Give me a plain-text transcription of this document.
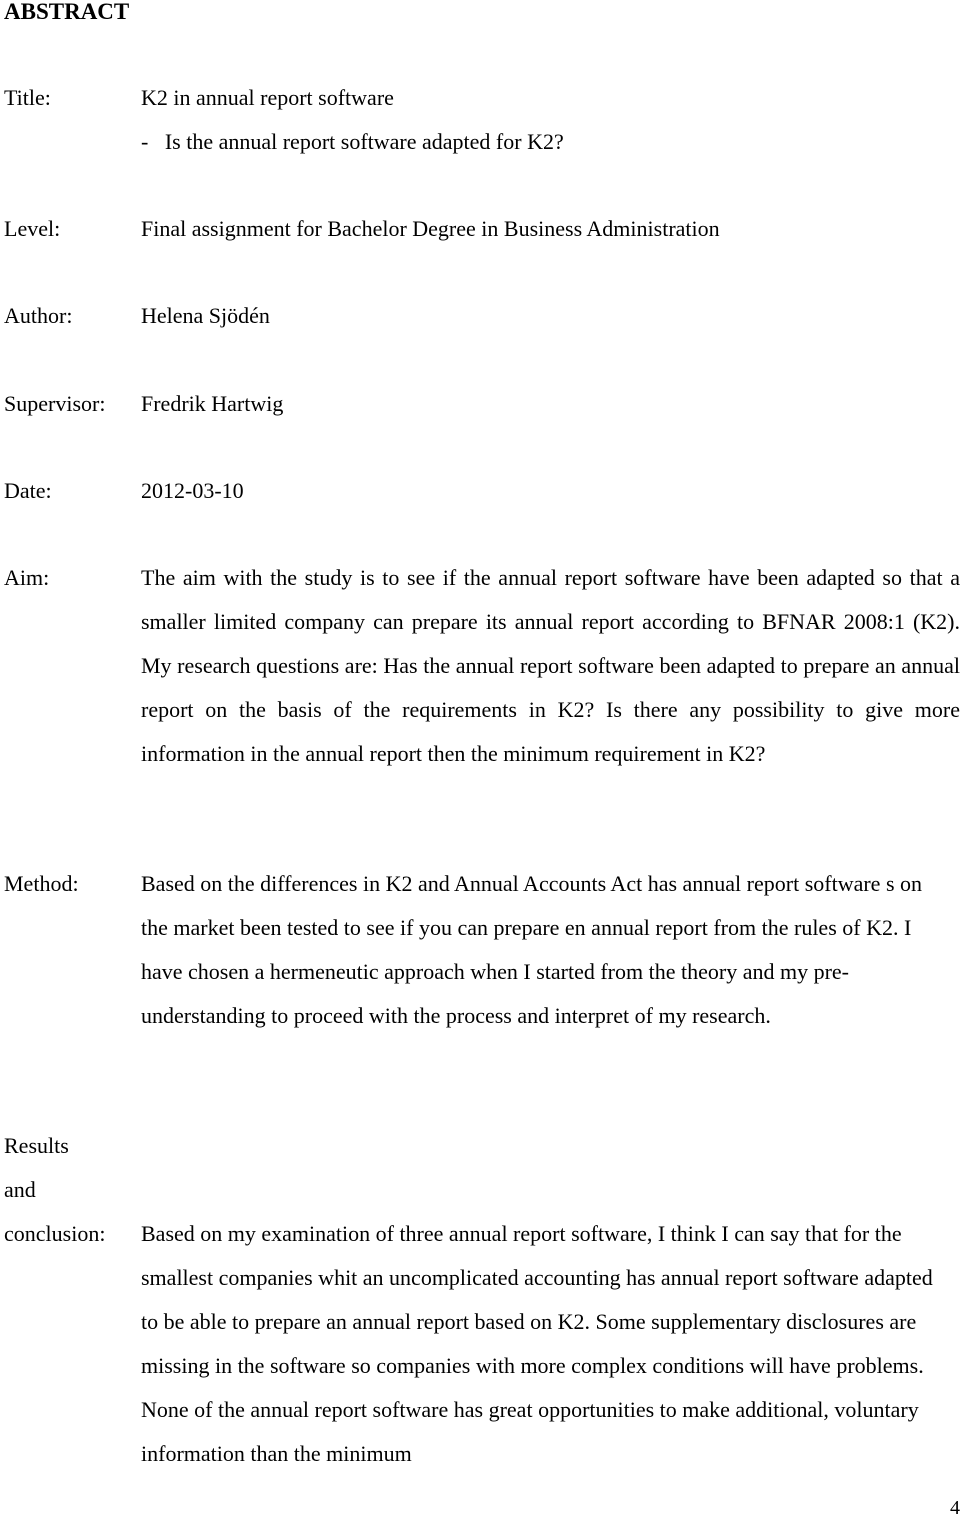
ABSTRACT
Title:	K2 in annual report software
-   Is the annual report software adapted for K2?
Level:	Final assignment for Bachelor Degree in Business Administration
Author:	Helena Sjödén
Supervisor:	Fredrik Hartwig
Date:	2012-03-10
Aim:	The aim with the study is to see if the annual report software have been adapted so that a smaller limited company can prepare its annual report according to BFNAR 2008:1 (K2). My research questions are: Has the annual report software been adapted to prepare an annual report on the basis of the requirements in K2? Is there any possibility to give more information in the annual report then the minimum requirement in K2?
Method:	Based on the differences in K2 and Annual Accounts Act has annual report software s on the market been tested to see if you can prepare en annual report from the rules of K2. I have chosen a hermeneutic approach when I started from the theory and my pre-understanding to proceed with the process and interpret of my research.
Results
and
conclusion:	Based on my examination of three annual report software, I think I can say that for the smallest companies whit an uncomplicated accounting has annual report software adapted to be able to prepare an annual report based on K2. Some supplementary disclosures are missing in the software so companies with more complex conditions will have problems. None of the annual report software has great opportunities to make additional, voluntary information than the minimum
4
